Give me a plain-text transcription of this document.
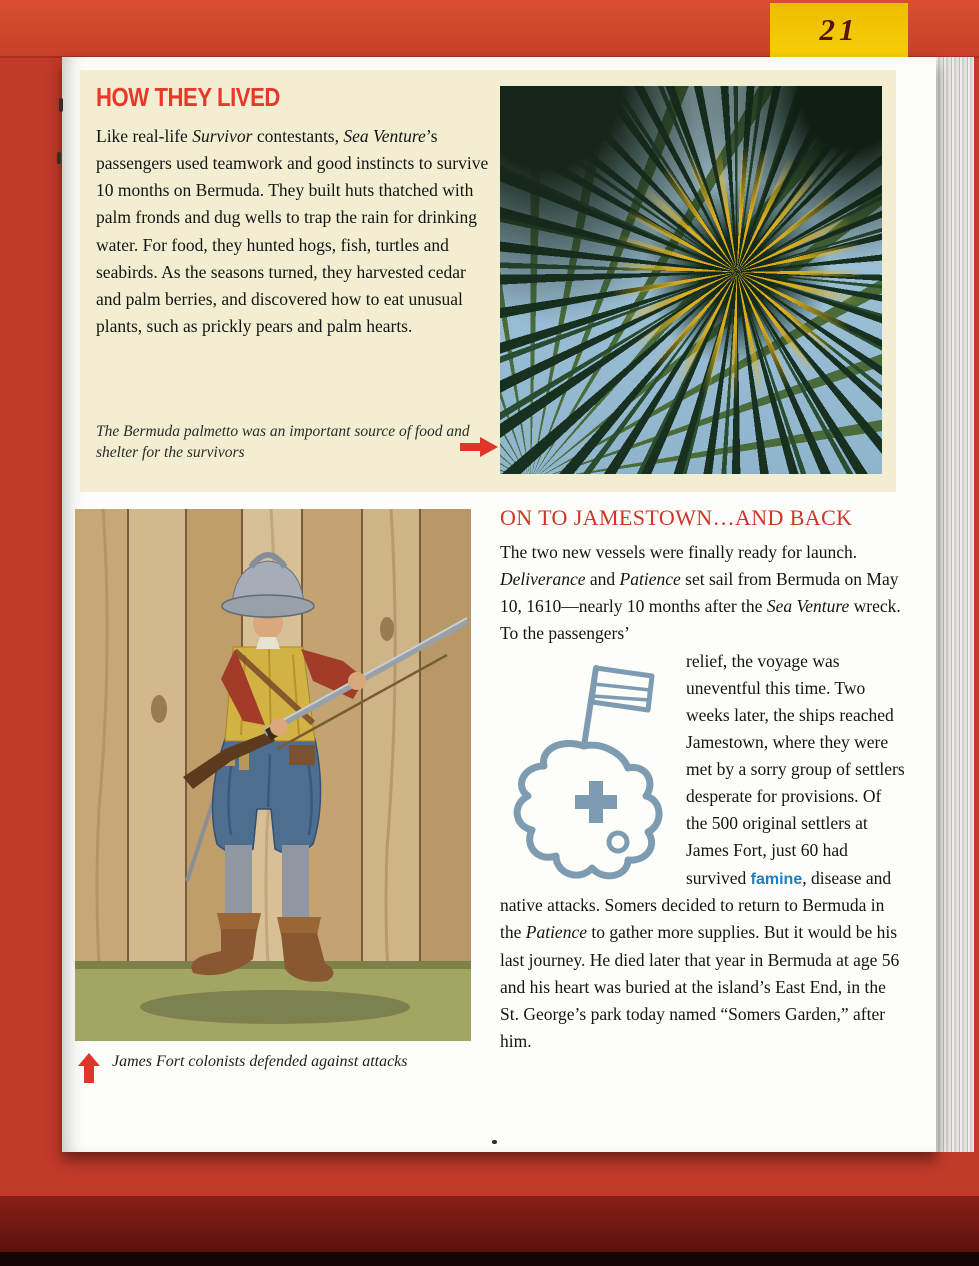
21
HOW THEY LIVED

Like real-life Survivor contestants, Sea Venture’s passengers used teamwork and good instincts to survive 10 months on Bermuda. They built huts thatched with palm fronds and dug wells to trap the rain for drinking water. For food, they hunted hogs, fish, turtles and seabirds. As the seasons turned, they harvested cedar and palm berries, and discovered how to eat unusual plants, such as prickly pears and palm hearts.

The Bermuda palmetto was an important source of food and shelter for the survivors
James Fort colonists defended against attacks
ON TO JAMESTOWN…AND BACK

The two new vessels were finally ready for launch. Deliverance and Patience set sail from Bermuda on May 10, 1610—nearly 10 months after the Sea Venture wreck. To the passengers’

relief, the voyage was uneventful this time. Two weeks later, the ships reached Jamestown, where they were met by a sorry group of settlers desperate for provisions. Of the 500 original settlers at James Fort, just 60 had survived famine, disease and native attacks. Somers decided to return to Bermuda in the Patience to gather more supplies. But it would be his last journey. He died later that year in Bermuda at age 56 and his heart was buried at the island’s East End, in the St. George’s park today named “Somers Garden,” after him.
